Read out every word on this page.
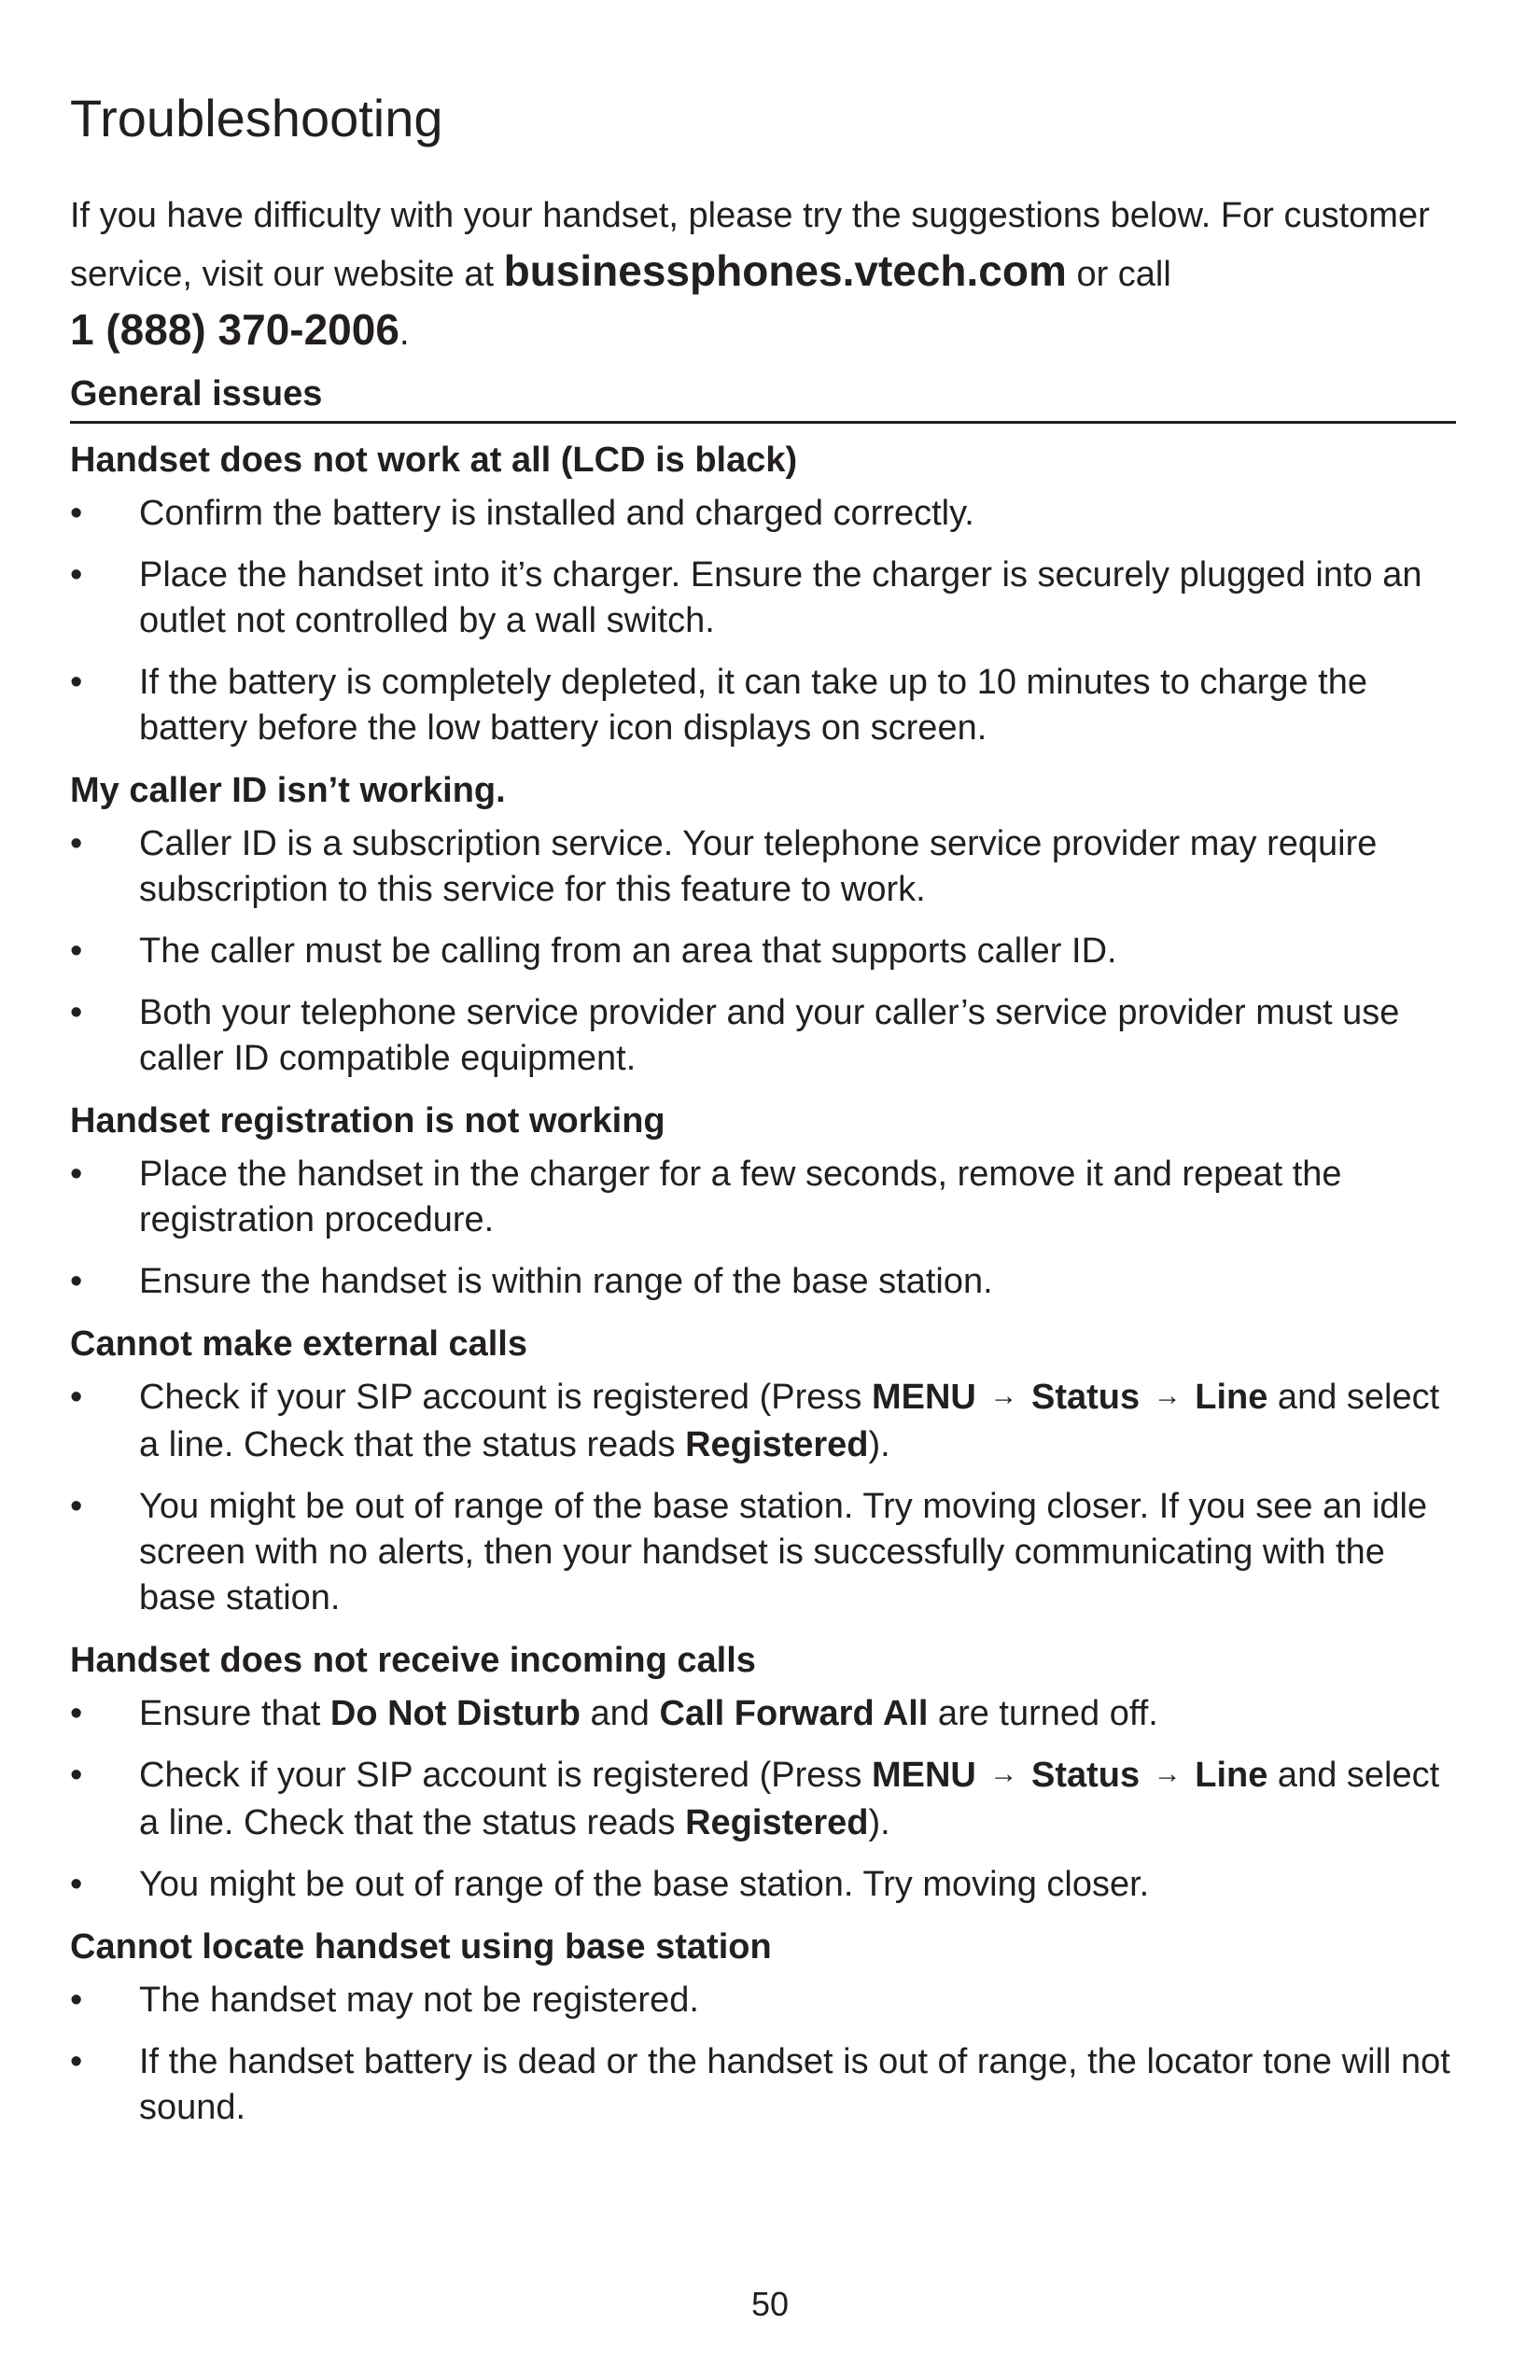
Troubleshooting

If you have difficulty with your handset, please try the suggestions below. For customer service, visit our website at businessphones.vtech.com or call
1 (888) 370-2006.

General issues
Handset does not work at all (LCD is black)
• Confirm the battery is installed and charged correctly.
• Place the handset into it’s charger. Ensure the charger is securely plugged into an outlet not controlled by a wall switch.
• If the battery is completely depleted, it can take up to 10 minutes to charge the battery before the low battery icon displays on screen.
My caller ID isn’t working.
• Caller ID is a subscription service. Your telephone service provider may require subscription to this service for this feature to work.
• The caller must be calling from an area that supports caller ID.
• Both your telephone service provider and your caller’s service provider must use caller ID compatible equipment.
Handset registration is not working
• Place the handset in the charger for a few seconds, remove it and repeat the registration procedure.
• Ensure the handset is within range of the base station.
Cannot make external calls
• Check if your SIP account is registered (Press MENU → Status → Line and select a line. Check that the status reads Registered).
• You might be out of range of the base station. Try moving closer. If you see an idle screen with no alerts, then your handset is successfully communicating with the base station.
Handset does not receive incoming calls
• Ensure that Do Not Disturb and Call Forward All are turned off.
• Check if your SIP account is registered (Press MENU → Status → Line and select a line. Check that the status reads Registered).
• You might be out of range of the base station. Try moving closer.
Cannot locate handset using base station
• The handset may not be registered.
• If the handset battery is dead or the handset is out of range, the locator tone will not sound.
50
